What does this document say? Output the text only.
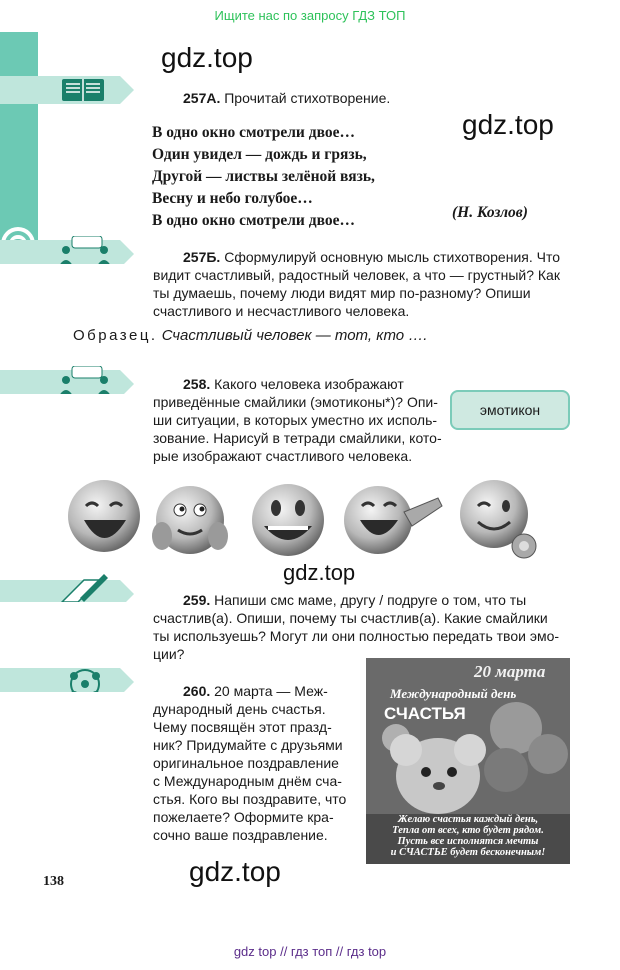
Ищите нас по запросу ГДЗ ТОП
gdz.top
gdz.top
gdz.top
gdz.top
257А. Прочитай стихотворение.
В одно окно смотрели двое…
Один увидел — дождь и грязь,
Другой — листвы зелёной вязь,
Весну и небо голубое…
В одно окно смотрели двое…	(Н. Козлов)
257Б. Сформулируй основную мысль стихотворения. Что
видит счастливый, радостный человек, а что — грустный? Как
ты думаешь, почему люди видят мир по-разному? Опиши
счастливого и несчастливого человека.
Образец. Счастливый человек — тот, кто ….
258. Какого человека изображают
приведённые смайлики (эмотиконы*)? Опи-
ши ситуации, в которых уместно их исполь-
зование. Нарисуй в тетради смайлики, кото-
рые изображают счастливого человека.
эмотикон
259. Напиши смс маме, другу / подруге о том, что ты
счастлив(а). Опиши, почему ты счастлив(а). Какие смайлики
ты используешь? Могут ли они полностью передать твои эмо-
ции?
260. 20 марта — Меж-
дународный день счастья.
Чему посвящён этот празд-
ник? Придумайте с друзьями
оригинальное поздравление
с Международным днём сча-
стья. Кого вы поздравите, что
пожелаете? Оформите кра-
сочно ваше поздравление.
20 марта
Международный день
СЧАСТЬЯ
Желаю счастья каждый день,
Тепла от всех, кто будет рядом.
Пусть все исполнятся мечты
и СЧАСТЬЕ будет бесконечным!
138
gdz top // гдз топ // гдз top
